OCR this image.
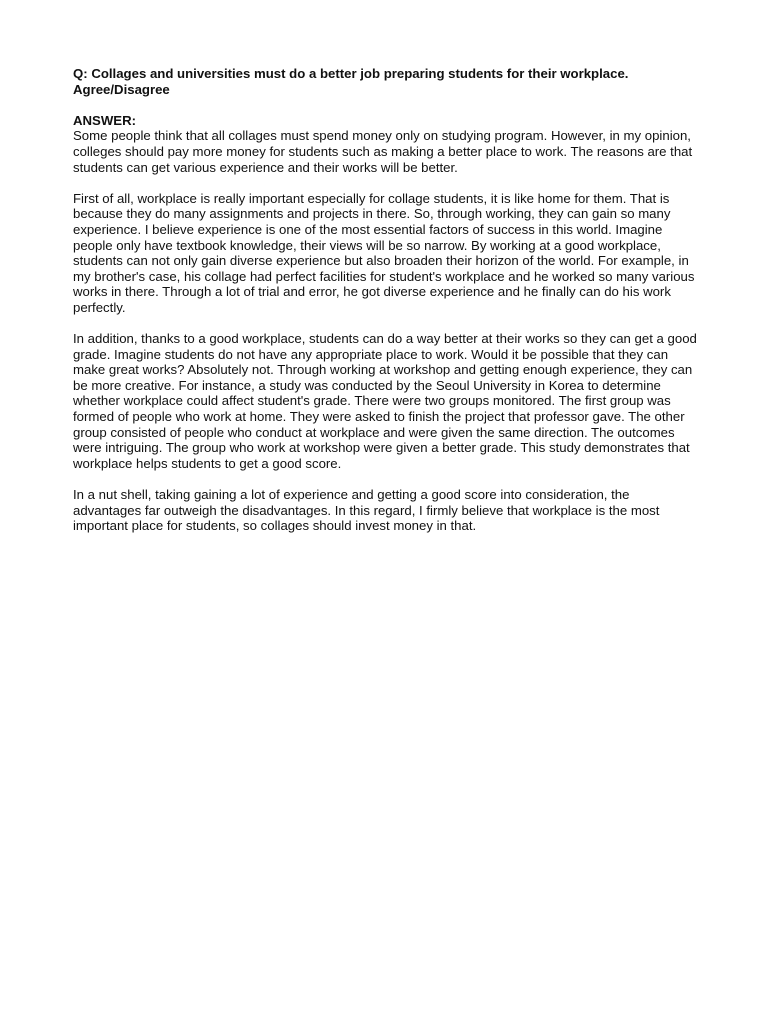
Q: Collages and universities must do a better job preparing students for their workplace. Agree/Disagree

ANSWER:

Some people think that all collages must spend money only on studying program. However, in my opinion, colleges should pay more money for students such as making a better place to work. The reasons are that students can get various experience and their works will be better.

First of all, workplace is really important especially for collage students, it is like home for them. That is because they do many assignments and projects in there. So, through working, they can gain so many experience. I believe experience is one of the most essential factors of success in this world. Imagine people only have textbook knowledge, their views will be so narrow. By working at a good workplace, students can not only gain diverse experience but also broaden their horizon of the world. For example, in my brother's case, his collage had perfect facilities for student's workplace and he worked so many various works in there. Through a lot of trial and error, he got diverse experience and he finally can do his work perfectly.

In addition, thanks to a good workplace, students can do a way better at their works so they can get a good grade. Imagine students do not have any appropriate place to work. Would it be possible that they can make great works? Absolutely not. Through working at workshop and getting enough experience, they can be more creative. For instance, a study was conducted by the Seoul University in Korea to determine whether workplace could affect student's grade. There were two groups monitored. The first group was formed of people who work at home. They were asked to finish the project that professor gave. The other group consisted of people who conduct at workplace and were given the same direction. The outcomes were intriguing. The group who work at workshop were given a better grade. This study demonstrates that workplace helps students to get a good score.

In a nut shell, taking gaining a lot of experience and getting a good score into consideration, the advantages far outweigh the disadvantages. In this regard, I firmly believe that workplace is the most important place for students, so collages should invest money in that.
